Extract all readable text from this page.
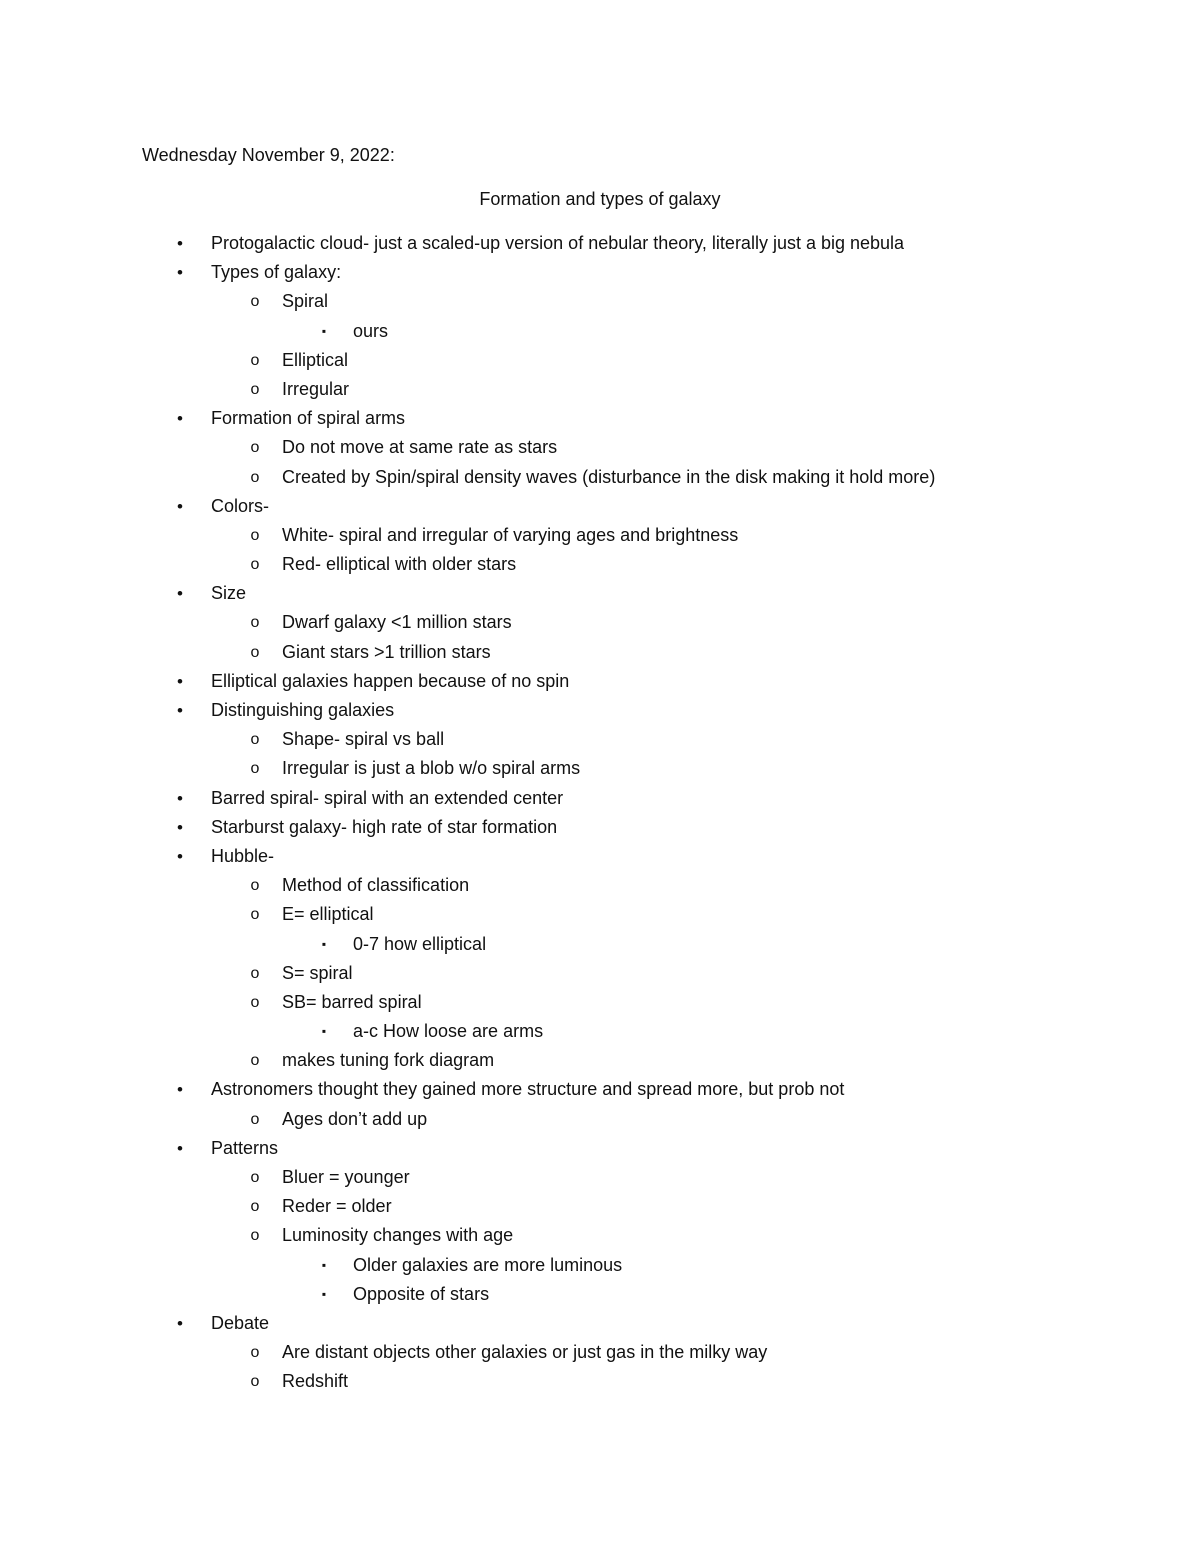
Wednesday November 9, 2022:
Formation and types of galaxy
•	Protogalactic cloud- just a scaled-up version of nebular theory, literally just a big nebula
•	Types of galaxy:
o	Spiral
▪	ours
o	Elliptical
o	Irregular
•	Formation of spiral arms
o	Do not move at same rate as stars
o	Created by Spin/spiral density waves (disturbance in the disk making it hold more)
•	Colors-
o	White- spiral and irregular of varying ages and brightness
o	Red- elliptical with older stars
•	Size
o	Dwarf galaxy <1 million stars
o	Giant stars >1 trillion stars
•	Elliptical galaxies happen because of no spin
•	Distinguishing galaxies
o	Shape- spiral vs ball
o	Irregular is just a blob w/o spiral arms
•	Barred spiral- spiral with an extended center
•	Starburst galaxy- high rate of star formation
•	Hubble-
o	Method of classification
o	E= elliptical
▪	0-7 how elliptical
o	S= spiral
o	SB= barred spiral
▪	a-c How loose are arms
o	makes tuning fork diagram
•	Astronomers thought they gained more structure and spread more, but prob not
o	Ages don’t add up
•	Patterns
o	Bluer = younger
o	Reder = older
o	Luminosity changes with age
▪	Older galaxies are more luminous
▪	Opposite of stars
•	Debate
o	Are distant objects other galaxies or just gas in the milky way
o	Redshift
